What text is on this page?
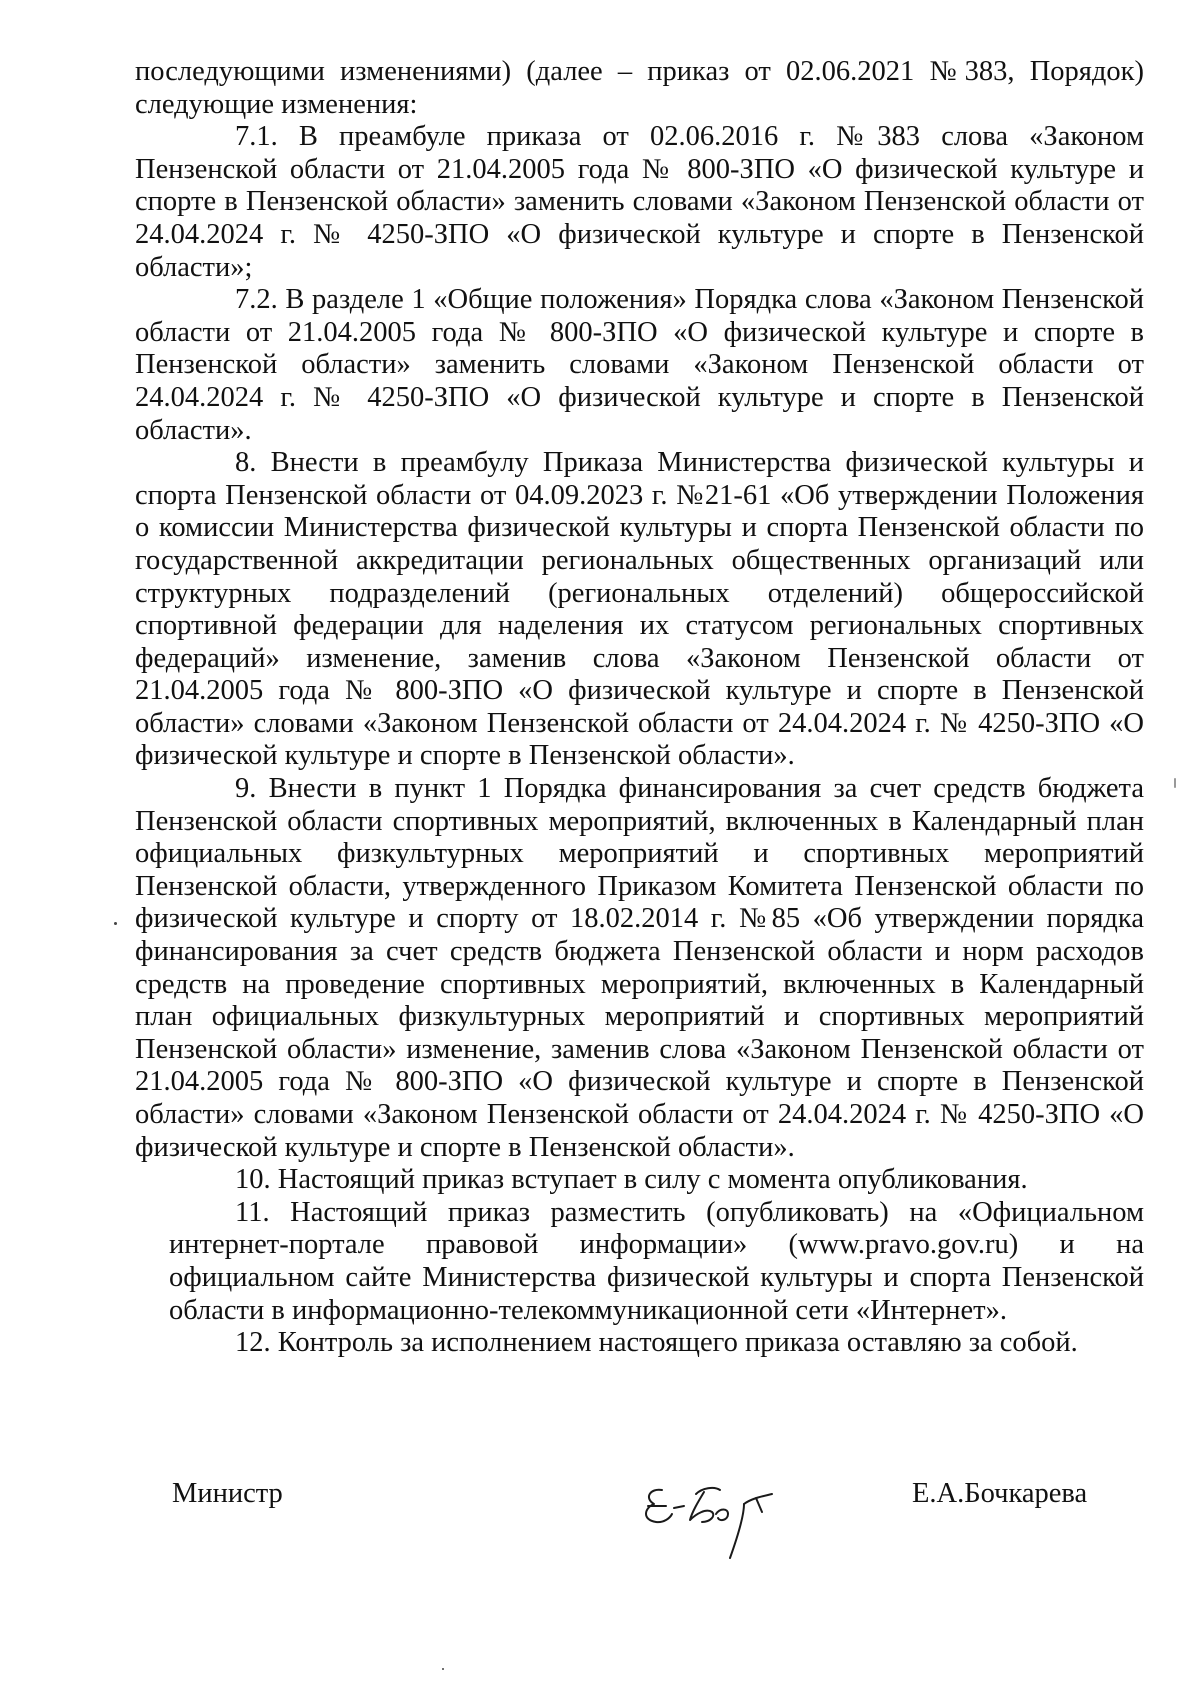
последующими изменениями) (далее – приказ от 02.06.2021 №383, Порядок) следующие изменения:

7.1. В преамбуле приказа от 02.06.2016 г. №383 слова «Законом Пензенской области от 21.04.2005 года № 800-ЗПО «О физической культуре и спорте в Пензенской области» заменить словами «Законом Пензенской области от 24.04.2024 г. № 4250-ЗПО «О физической культуре и спорте в Пензенской области»;

7.2. В разделе 1 «Общие положения» Порядка слова «Законом Пензенской области от 21.04.2005 года № 800-ЗПО «О физической культуре и спорте в Пензенской области» заменить словами «Законом Пензенской области от 24.04.2024 г. № 4250-ЗПО «О физической культуре и спорте в Пензенской области».

8. Внести в преамбулу Приказа Министерства физической культуры и спорта Пензенской области от 04.09.2023 г. №21-61 «Об утверждении Положения о комиссии Министерства физической культуры и спорта Пензенской области по государственной аккредитации региональных общественных организаций или структурных подразделений (региональных отделений) общероссийской спортивной федерации для наделения их статусом региональных спортивных федераций» изменение, заменив слова «Законом Пензенской области от 21.04.2005 года № 800-ЗПО «О физической культуре и спорте в Пензенской области» словами «Законом Пензенской области от 24.04.2024 г. № 4250-ЗПО «О физической культуре и спорте в Пензенской области».

9. Внести в пункт 1 Порядка финансирования за счет средств бюджета Пензенской области спортивных мероприятий, включенных в Календарный план официальных физкультурных мероприятий и спортивных мероприятий Пензенской области, утвержденного Приказом Комитета Пензенской области по физической культуре и спорту от 18.02.2014 г. №85 «Об утверждении порядка финансирования за счет средств бюджета Пензенской области и норм расходов средств на проведение спортивных мероприятий, включенных в Календарный план официальных физкультурных мероприятий и спортивных мероприятий Пензенской области» изменение, заменив слова «Законом Пензенской области от 21.04.2005 года № 800-ЗПО «О физической культуре и спорте в Пензенской области» словами «Законом Пензенской области от 24.04.2024 г. № 4250-ЗПО «О физической культуре и спорте в Пензенской области».

10. Настоящий приказ вступает в силу с момента опубликования.

11. Настоящий приказ разместить (опубликовать) на «Официальном интернет-портале правовой информации» (www.pravo.gov.ru) и на официальном сайте Министерства физической культуры и спорта Пензенской области в информационно-телекоммуникационной сети «Интернет».

12. Контроль за исполнением настоящего приказа оставляю за собой.

Министр	Е.А.Бочкарева
